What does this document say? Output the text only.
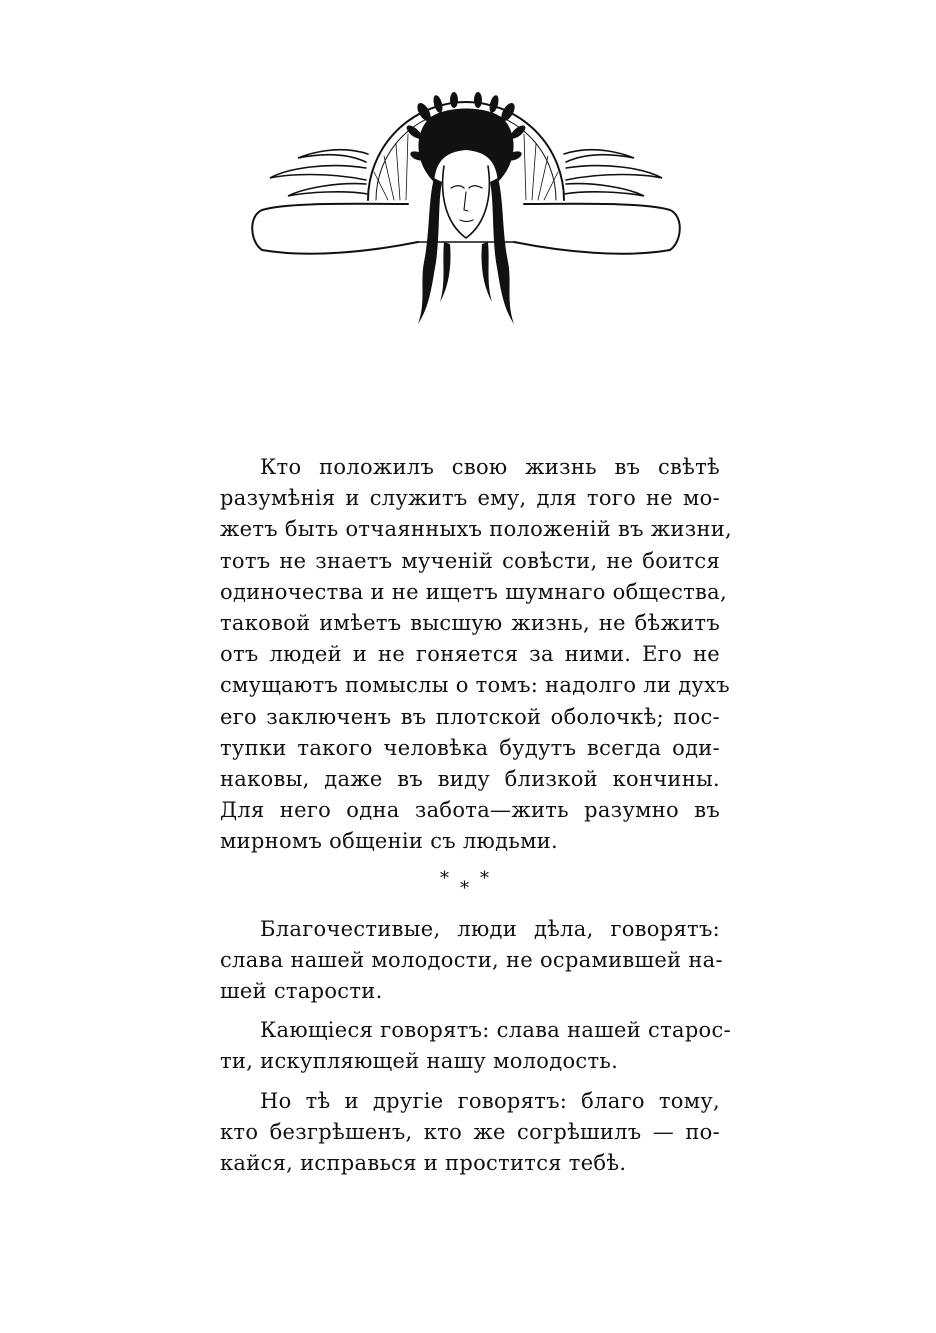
Кто положилъ свою жизнь въ свѣтѣ
разумѣнія и служитъ ему, для того не мо-
жетъ быть отчаянныхъ положенiй въ жизни,
тотъ не знаетъ мученiй совѣсти, не боится
одиночества и не ищетъ шумнаго общества,
таковой имѣетъ высшую жизнь, не бѣжитъ
отъ людей и не гоняется за ними. Его не
смущаютъ помыслы о томъ: надолго ли духъ
его заключенъ въ плотской оболочкѣ; пос-
тупки такого человѣка будутъ всегда оди-
наковы, даже въ виду близкой кончины.
Для него одна забота—жить разумно въ
мирномъ общенiи съ людьми.

* * *

Благочестивые, люди дѣла, говорятъ:
слава нашей молодости, не осрамившей на-
шей старости.

Кающiеся говорятъ: слава нашей старос-
ти, искупляющей нашу молодость.

Но тѣ и другiе говорятъ: благо тому,
кто безгрѣшенъ, кто же согрѣшилъ — по-
кайся, исправься и простится тебѣ.
